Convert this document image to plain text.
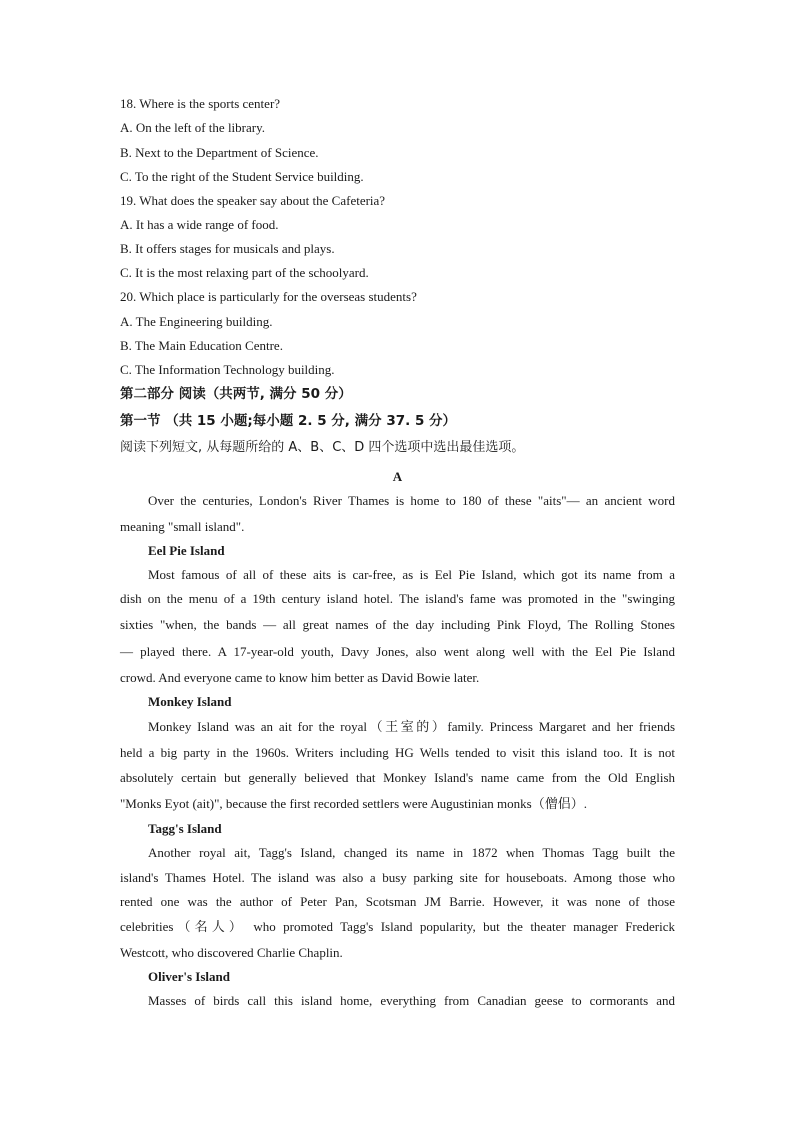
18. Where is the sports center?
A. On the left of the library.
B. Next to the Department of Science.
C. To the right of the Student Service building.
19. What does the speaker say about the Cafeteria?
A. It has a wide range of food.
B. It offers stages for musicals and plays.
C. It is the most relaxing part of the schoolyard.
20. Which place is particularly for the overseas students?
A. The Engineering building.
B. The Main Education Centre.
C. The Information Technology building.
第二部分 阅读（共两节, 满分 50 分）
第一节 （共 15 小题;每小题 2. 5 分, 满分 37. 5 分）
阅读下列短文, 从每题所给的 A、B、C、D 四个选项中选出最佳选项。
A
Over the centuries, London's River Thames is home to 180 of these "aits"— an ancient word
meaning "small island".
Eel Pie Island
Most famous of all of these aits is car-free, as is Eel Pie Island, which got its name from a
dish on the menu of a 19th century island hotel. The island's fame was promoted in the "swinging
sixties "when, the bands — all great names of the day including Pink Floyd, The Rolling Stones
— played there. A 17-year-old youth, Davy Jones, also went along well with the Eel Pie Island
crowd. And everyone came to know him better as David Bowie later.
Monkey Island
Monkey Island was an ait for the royal（王室的）family. Princess Margaret and her friends
held a big party in the 1960s. Writers including HG Wells tended to visit this island too. It is not
absolutely certain but generally believed that Monkey Island's name came from the Old English
"Monks Eyot (ait)", because the first recorded settlers were Augustinian monks（僧侣）.
Tagg's Island
Another royal ait, Tagg's Island, changed its name in 1872 when Thomas Tagg built the
island's Thames Hotel. The island was also a busy parking site for houseboats. Among those who
rented one was the author of Peter Pan, Scotsman JM Barrie. However, it was none of those
celebrities（名人） who promoted Tagg's Island popularity, but the theater manager Frederick
Westcott, who discovered Charlie Chaplin.
Oliver's Island
Masses of birds call this island home, everything from Canadian geese to cormorants and
